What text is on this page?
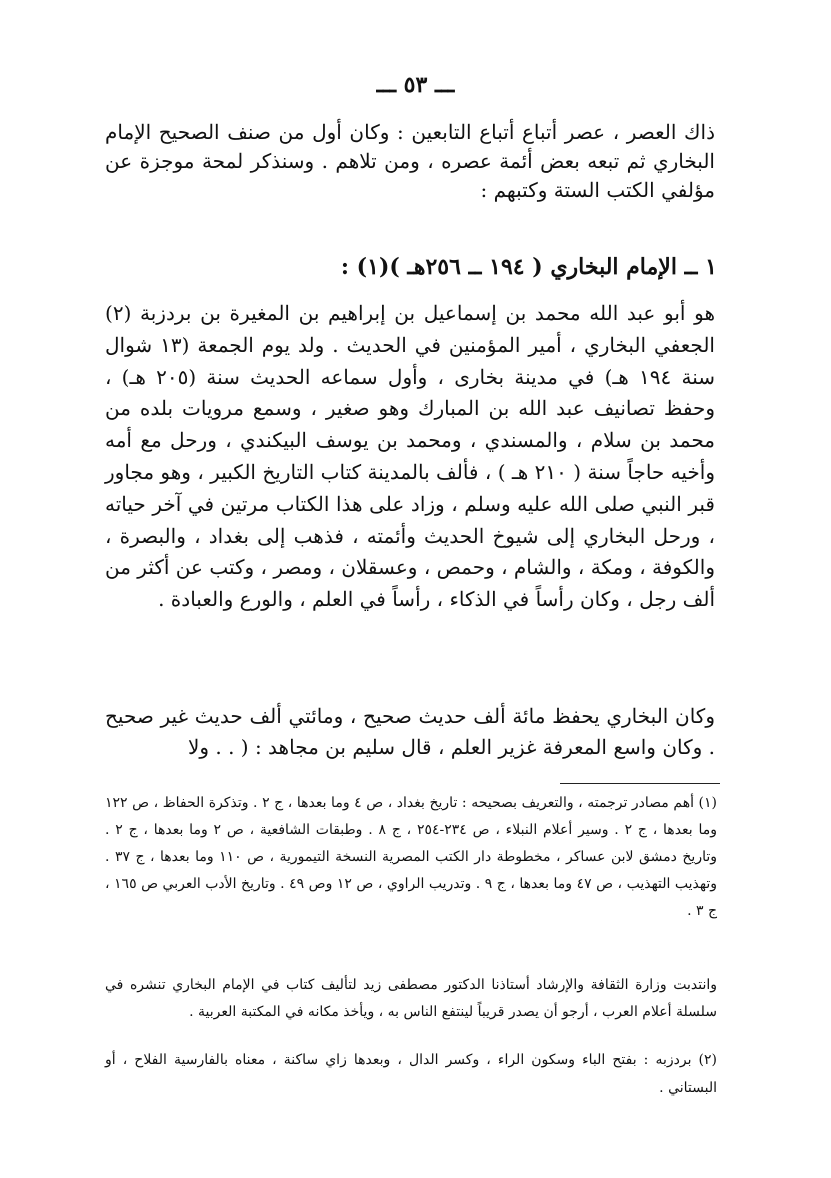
ـــ ٥٣ ـــ

ذاك العصر ، عصر أتباع أتباع التابعين : وكان أول من صنف الصحيح الإمام البخاري ثم تبعه بعض أئمة عصره ، ومن تلاهم . وسنذكر لمحة موجزة عن مؤلفي الكتب الستة وكتبهم :

١ ــ الإمام البخاري ( ١٩٤ ــ ٢٥٦هـ )(١) :

هو أبو عبد الله محمد بن إسماعيل بن إبراهيم بن المغيرة بن بردزبة (٢) الجعفي البخاري ، أمير المؤمنين في الحديث . ولد يوم الجمعة (١٣ شوال سنة ١٩٤ هـ) في مدينة بخارى ، وأول سماعه الحديث سنة (٢٠٥ هـ) ، وحفظ تصانيف عبد الله بن المبارك وهو صغير ، وسمع مرويات بلده من محمد بن سلام ، والمسندي ، ومحمد بن يوسف البيكندي ، ورحل مع أمه وأخيه حاجاً سنة ( ٢١٠ هـ ) ، فألف بالمدينة كتاب التاريخ الكبير ، وهو مجاور قبر النبي صلى الله عليه وسلم ، وزاد على هذا الكتاب مرتين في آخر حياته ، ورحل البخاري إلى شيوخ الحديث وأئمته ، فذهب إلى بغداد ، والبصرة ، والكوفة ، ومكة ، والشام ، وحمص ، وعسقلان ، ومصر ، وكتب عن أكثر من ألف رجل ، وكان رأساً في الذكاء ، رأساً في العلم ، والورع والعبادة .

وكان البخاري يحفظ مائة ألف حديث صحيح ، ومائتي ألف حديث غير صحيح . وكان واسع المعرفة غزير العلم ، قال سليم بن مجاهد : ( . . ولا

(١) أهم مصادر ترجمته ، والتعريف بصحيحه : تاريخ بغداد ، ص ٤ وما بعدها ، ج ٢ . وتذكرة الحفاظ ، ص ١٢٢ وما بعدها ، ج ٢ . وسير أعلام النبلاء ، ص ٢٣٤-٢٥٤ ، ج ٨ . وطبقات الشافعية ، ص ٢ وما بعدها ، ج ٢ . وتاريخ دمشق لابن عساكر ، مخطوطة دار الكتب المصرية النسخة التيمورية ، ص ١١٠ وما بعدها ، ج ٣٧ . وتهذيب التهذيب ، ص ٤٧ وما بعدها ، ج ٩ . وتدريب الراوي ، ص ١٢ وص ٤٩ . وتاريخ الأدب العربي ص ١٦٥ ، ج ٣ .

وانتدبت وزارة الثقافة والإرشاد أستاذنا الدكتور مصطفى زيد لتأليف كتاب في الإمام البخاري تنشره في سلسلة أعلام العرب ، أرجو أن يصدر قريباً لينتفع الناس به ، ويأخذ مكانه في المكتبة العربية .

(٢) بردزبه : بفتح الباء وسكون الراء ، وكسر الدال ، وبعدها زاي ساكنة ، معناه بالفارسية الفلاح ، أو البستاني .
